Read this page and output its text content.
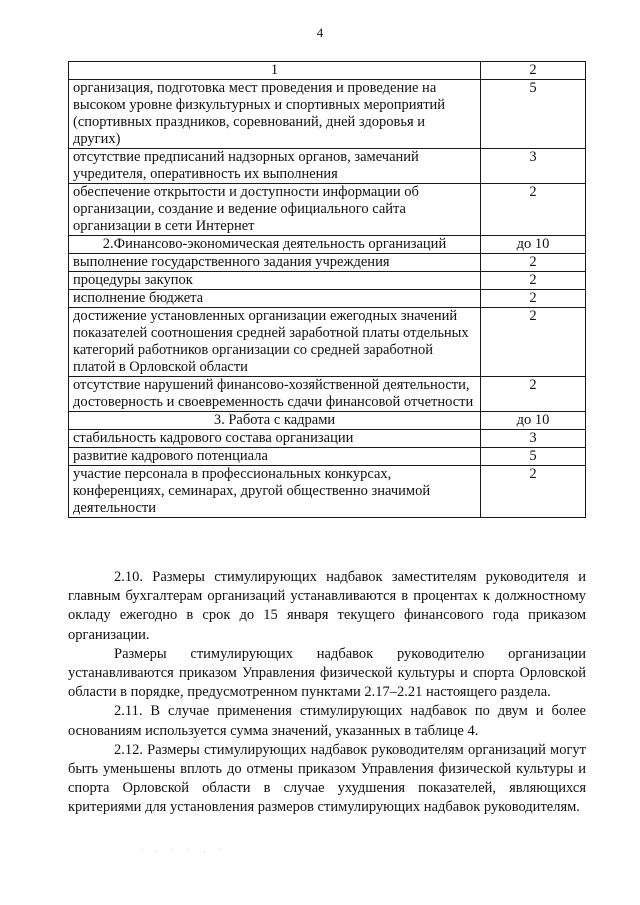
4
1	2
организация, подготовка мест проведения и проведение на высоком уровне физкультурных и спортивных мероприятий (спортивных праздников, соревнований, дней здоровья и других)	5
отсутствие предписаний надзорных органов, замечаний учредителя, оперативность их выполнения	3
обеспечение открытости и доступности информации об организации, создание и ведение официального сайта организации в сети Интернет	2
2.Финансово-экономическая деятельность организаций	до 10
выполнение государственного задания учреждения	2
процедуры закупок	2
исполнение бюджета	2
достижение установленных организации ежегодных значений показателей соотношения средней заработной платы отдельных категорий работников организации со средней заработной платой в Орловской области	2
отсутствие нарушений финансово-хозяйственной деятельности, достоверность и своевременность сдачи финансовой отчетности	2
3. Работа с кадрами	до 10
стабильность кадрового состава организации	3
развитие кадрового потенциала	5
участие персонала в профессиональных конкурсах, конференциях, семинарах, другой общественно значимой деятельности	2

2.10. Размеры стимулирующих надбавок заместителям руководителя и главным бухгалтерам организаций устанавливаются в процентах к должностному окладу ежегодно в срок до 15 января текущего финансового года приказом организации.

Размеры стимулирующих надбавок руководителю организации устанавливаются приказом Управления физической культуры и спорта Орловской области в порядке, предусмотренном пунктами 2.17–2.21 настоящего раздела.

2.11. В случае применения стимулирующих надбавок по двум и более основаниям используется сумма значений, указанных в таблице 4.

2.12. Размеры стимулирующих надбавок руководителям организаций могут быть уменьшены вплоть до отмены приказом Управления физической культуры и спорта Орловской области в случае ухудшения показателей, являющихся критериями для установления размеров стимулирующих надбавок руководителям.

· . · · . ·
